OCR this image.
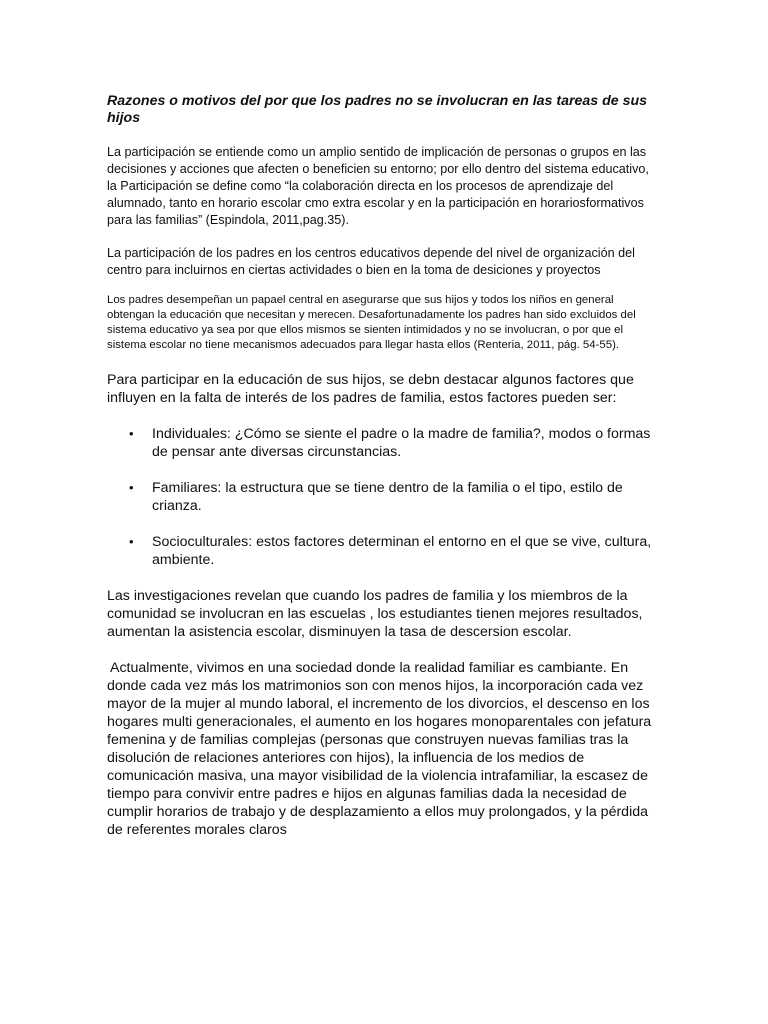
Razones o motivos del por que los padres no se involucran en las tareas de sus hijos

La participación se entiende como un amplio sentido de implicación de personas o grupos en las decisiones y acciones que afecten o beneficien su entorno; por ello dentro del sistema educativo, la Participación se define como “la colaboración directa en los procesos de aprendizaje del alumnado, tanto en horario escolar cmo extra escolar y en la participación en horariosformativos para las familias” (Espindola, 2011,pag.35).

La participación de los padres en los centros educativos depende del nivel de organización del centro para incluirnos en ciertas actividades o bien en la toma de desiciones y proyectos

Los padres desempeñan un papael central en asegurarse que sus hijos y todos los niños en general obtengan la educación que necesitan y merecen. Desafortunadamente los padres han sido excluidos del sistema educativo ya sea por que ellos mismos se sienten intimidados y no se involucran, o por que el sistema escolar no tiene mecanismos adecuados para llegar hasta ellos (Renteria, 2011, pág. 54-55).

Para participar en la educación de sus hijos, se debn destacar algunos factores que influyen en la falta de interés de los padres de familia, estos factores pueden ser:

• Individuales: ¿Cómo se siente el padre o la madre de familia?, modos o formas de pensar ante diversas circunstancias.
• Familiares: la estructura que se tiene dentro de la familia o el tipo, estilo de crianza.
• Socioculturales: estos factores determinan el entorno en el que se vive, cultura, ambiente.

Las investigaciones revelan que cuando los padres de familia y los miembros de la comunidad se involucran en las escuelas , los estudiantes tienen mejores resultados, aumentan la asistencia escolar, disminuyen la tasa de descersion escolar.

Actualmente, vivimos en una sociedad donde la realidad familiar es cambiante. En donde cada vez más los matrimonios son con menos hijos, la incorporación cada vez mayor de la mujer al mundo laboral, el incremento de los divorcios, el descenso en los hogares multi generacionales, el aumento en los hogares monoparentales con jefatura femenina y de familias complejas (personas que construyen nuevas familias tras la disolución de relaciones anteriores con hijos), la influencia de los medios de comunicación masiva, una mayor visibilidad de la violencia intrafamiliar, la escasez de tiempo para convivir entre padres e hijos en algunas familias dada la necesidad de cumplir horarios de trabajo y de desplazamiento a ellos muy prolongados, y la pérdida de referentes morales claros
